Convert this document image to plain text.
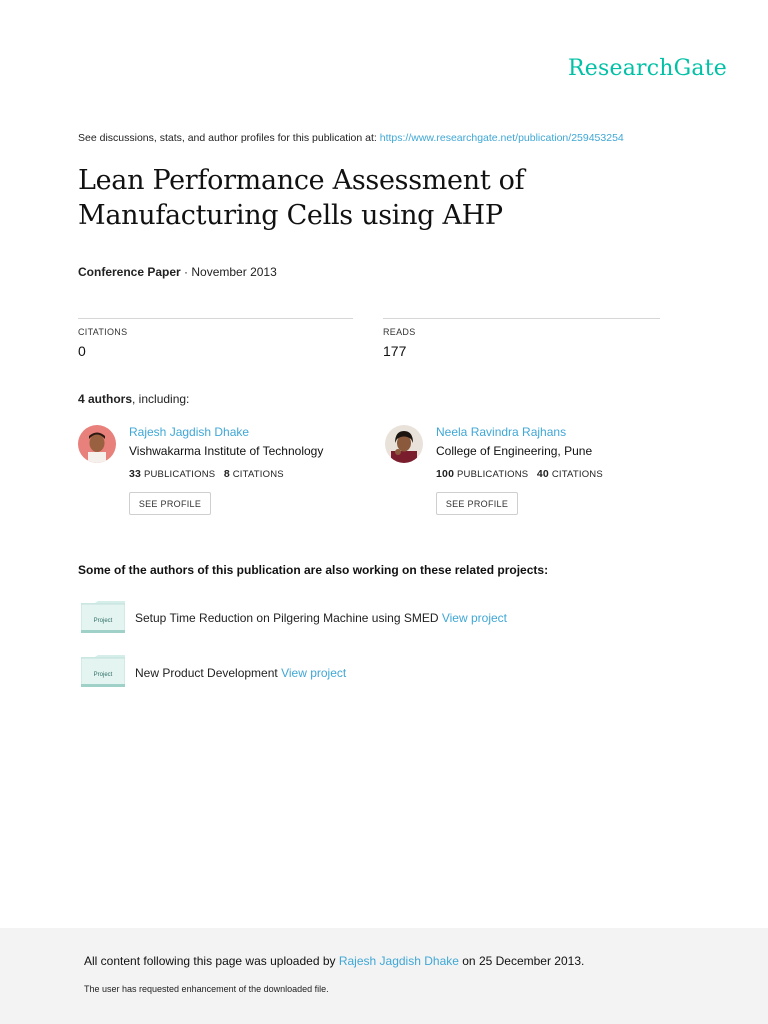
ResearchGate
See discussions, stats, and author profiles for this publication at: https://www.researchgate.net/publication/259453254
Lean Performance Assessment of Manufacturing Cells using AHP
Conference Paper · November 2013
CITATIONS
0
READS
177
4 authors, including:
Rajesh Jagdish Dhake
Vishwakarma Institute of Technology
33 PUBLICATIONS 8 CITATIONS
SEE PROFILE
Neela Ravindra Rajhans
College of Engineering, Pune
100 PUBLICATIONS 40 CITATIONS
SEE PROFILE
Some of the authors of this publication are also working on these related projects:
Project Setup Time Reduction on Pilgering Machine using SMED View project
Project New Product Development View project
All content following this page was uploaded by Rajesh Jagdish Dhake on 25 December 2013.
The user has requested enhancement of the downloaded file.
